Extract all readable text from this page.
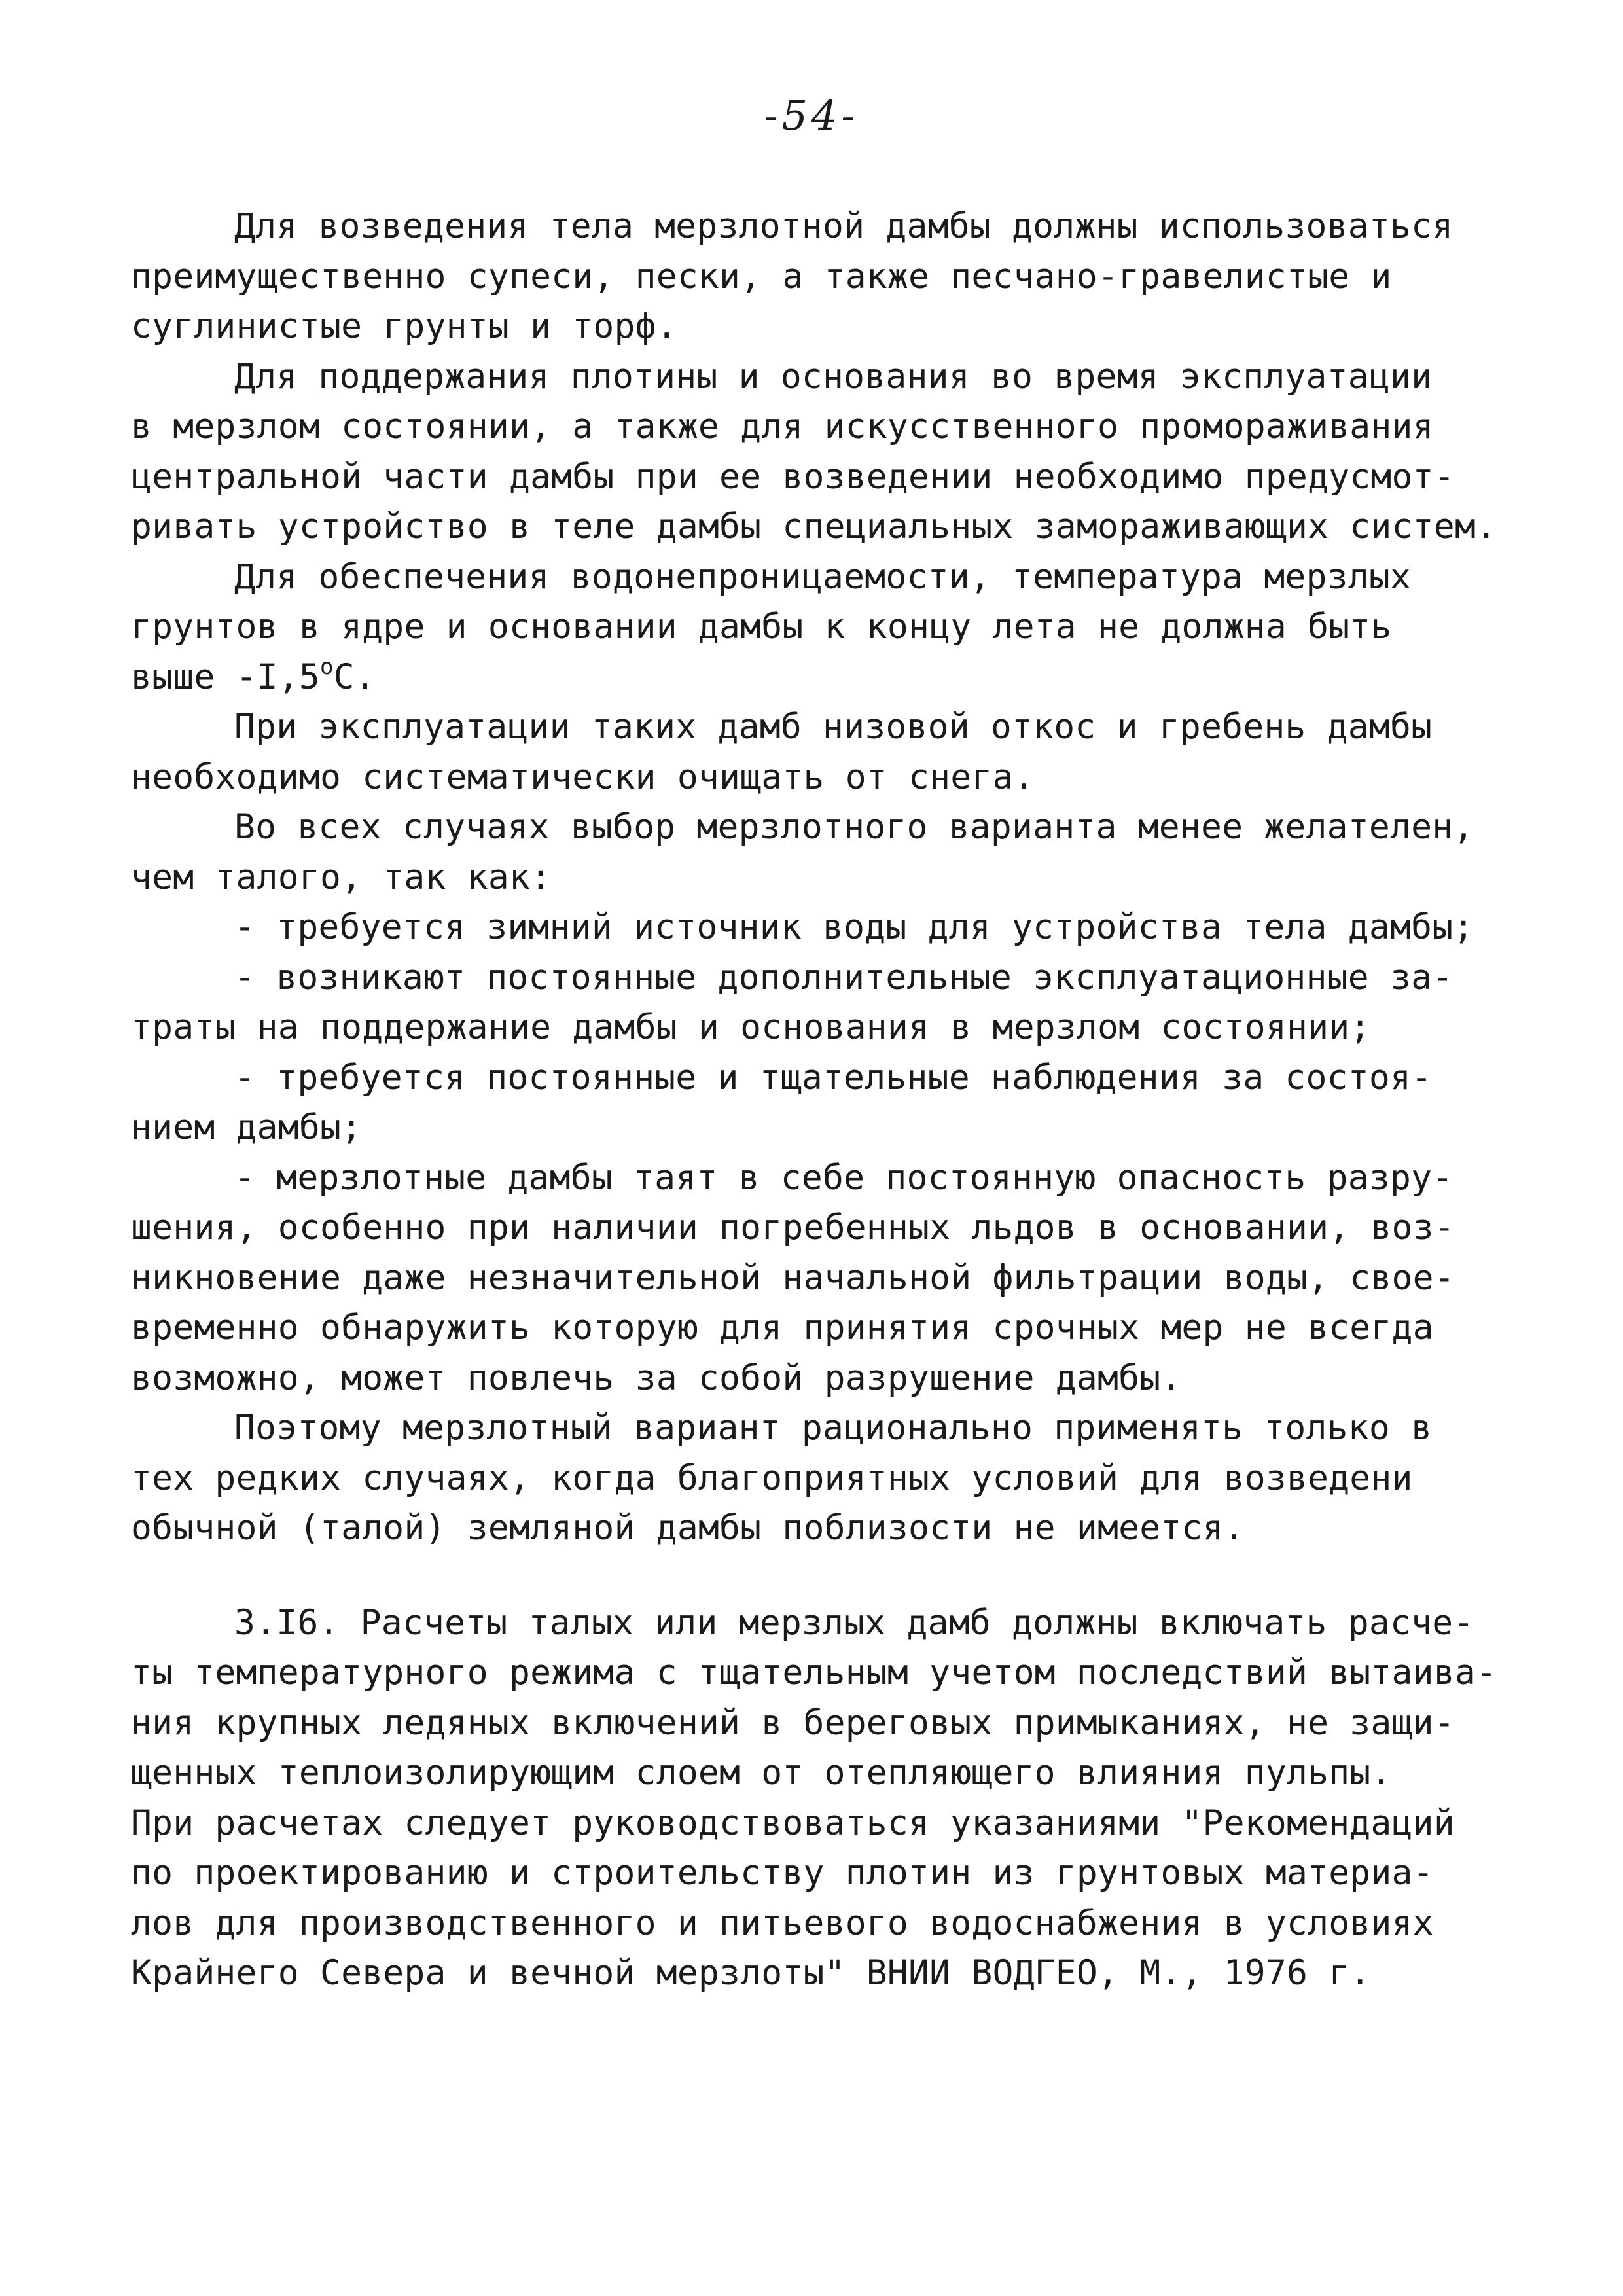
-54-
Для возведения тела мерзлотной дамбы должны использоваться
преимущественно супеси, пески, а также песчано-гравелистые и
суглинистые грунты и торф.
Для поддержания плотины и основания во время эксплуатации
в мерзлом состоянии, а также для искусственного промораживания
центральной части дамбы при ее возведении необходимо предусмот-
ривать устройство в теле дамбы специальных замораживающих систем.
Для обеспечения водонепроницаемости, температура мерзлых
грунтов в ядре и основании дамбы к концу лета не должна быть
выше $-I,5^оС$.
При эксплуатации таких дамб низовой откос и гребень дамбы
необходимо систематически очищать от снега.
Во всех случаях выбор мерзлотного варианта менее желателен,
чем талого, так как:
- требуется зимний источник воды для устройства тела дамбы;
- возникают постоянные дополнительные эксплуатационные за-
траты на поддержание дамбы и основания в мерзлом состоянии;
- требуется постоянные и тщательные наблюдения за состоя-
нием дамбы;
- мерзлотные дамбы таят в себе постоянную опасность разру-
шения, особенно при наличии погребенных льдов в основании, воз-
никновение даже незначительной начальной фильтрации воды, свое-
временно обнаружить которую для принятия срочных мер не всегда
возможно, может повлечь за собой разрушение дамбы.
Поэтому мерзлотный вариант рационально применять только в
тех редких случаях, когда благоприятных условий для возведени
обычной (талой) земляной дамбы поблизости не имеется.
3.I6. Расчеты талых или мерзлых дамб должны включать расче-
ты температурного режима с тщательным учетом последствий вытаива-
ния крупных ледяных включений в береговых примыканиях, не защи-
щенных теплоизолирующим слоем от отепляющего влияния пульпы.
При расчетах следует руководствоваться указаниями "Рекомендаций
по проектированию и строительству плотин из грунтовых материа-
лов для производственного и питьевого водоснабжения в условиях
Крайнего Севера и вечной мерзлоты" ВНИИ ВОДГЕО, М., 1976 г.
